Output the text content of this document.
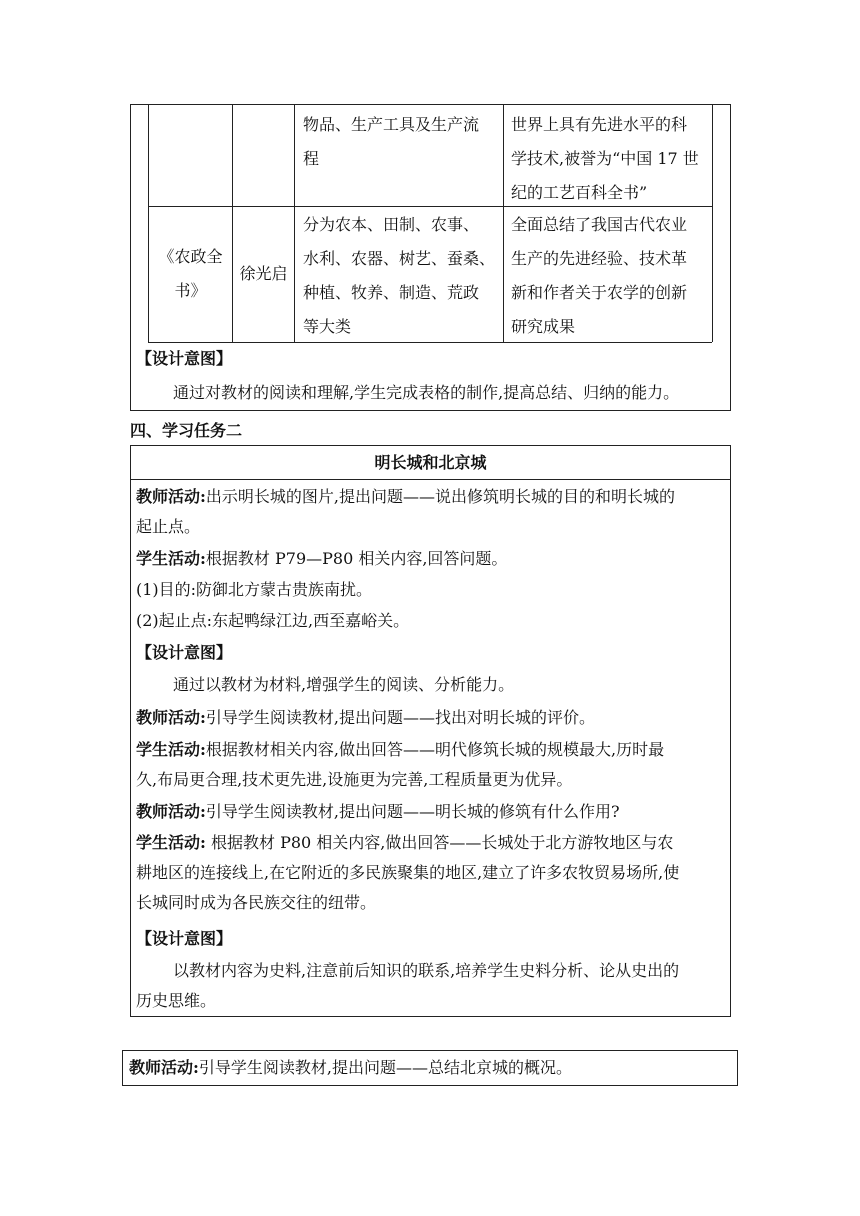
物品、生产工具及生产流
程
世界上具有先进水平的科
学技术,被誉为“中国 17 世
纪的工艺百科全书”
《农政全
书》
徐光启
分为农本、田制、农事、
水利、农器、树艺、蚕桑、
种植、牧养、制造、荒政
等大类
全面总结了我国古代农业
生产的先进经验、技术革
新和作者关于农学的创新
研究成果
【设计意图】
通过对教材的阅读和理解,学生完成表格的制作,提高总结、归纳的能力。
四、学习任务二
明长城和北京城
教师活动:出示明长城的图片,提出问题——说出修筑明长城的目的和明长城的
起止点。
学生活动:根据教材 P79—P80 相关内容,回答问题。
(1)目的:防御北方蒙古贵族南扰。
(2)起止点:东起鸭绿江边,西至嘉峪关。
【设计意图】
通过以教材为材料,增强学生的阅读、分析能力。
教师活动:引导学生阅读教材,提出问题——找出对明长城的评价。
学生活动:根据教材相关内容,做出回答——明代修筑长城的规模最大,历时最
久,布局更合理,技术更先进,设施更为完善,工程质量更为优异。
教师活动:引导学生阅读教材,提出问题——明长城的修筑有什么作用?
学生活动: 根据教材 P80 相关内容,做出回答——长城处于北方游牧地区与农
耕地区的连接线上,在它附近的多民族聚集的地区,建立了许多农牧贸易场所,使
长城同时成为各民族交往的纽带。
【设计意图】
以教材内容为史料,注意前后知识的联系,培养学生史料分析、论从史出的
历史思维。
教师活动:引导学生阅读教材,提出问题——总结北京城的概况。
